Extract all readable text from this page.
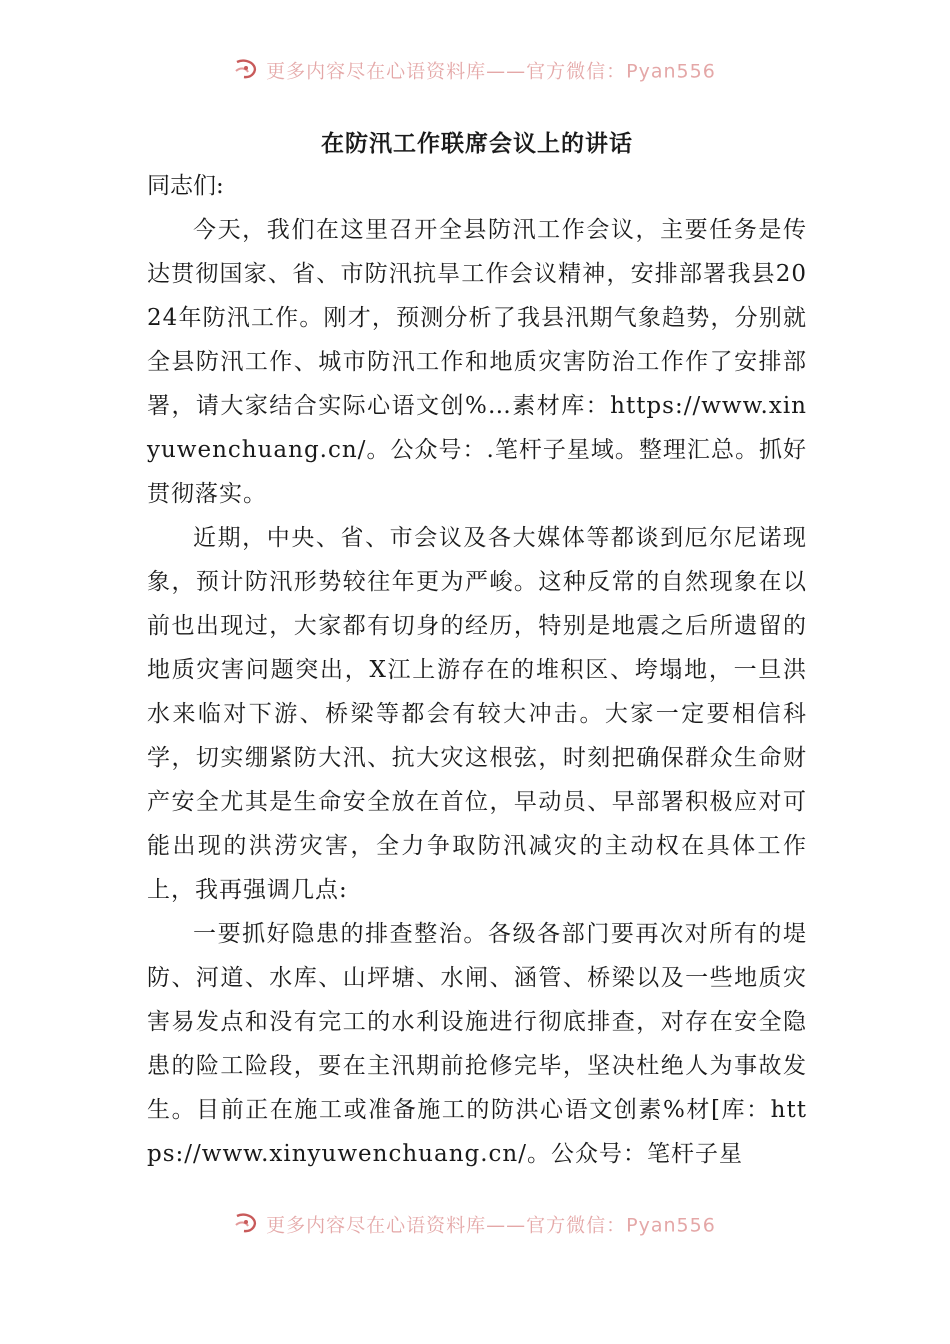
更多内容尽在心语资料库——官方微信：Pyan556
在防汛工作联席会议上的讲话

同志们:

今天，我们在这里召开全县防汛工作会议，主要任务是传达贯彻国家、省、市防汛抗旱工作会议精神，安排部署我县2024年防汛工作。刚才，预测分析了我县汛期气象趋势，分别就全县防汛工作、城市防汛工作和地质灾害防治工作作了安排部署，请大家结合实际心语文创%…素材库：https://www.xinyuwenchuang.cn/。公众号：.笔杆子星域。整理汇总。抓好贯彻落实。

近期，中央、省、市会议及各大媒体等都谈到厄尔尼诺现象，预计防汛形势较往年更为严峻。这种反常的自然现象在以前也出现过，大家都有切身的经历，特别是地震之后所遗留的地质灾害问题突出，X江上游存在的堆积区、垮塌地，一旦洪水来临对下游、桥梁等都会有较大冲击。大家一定要相信科学，切实绷紧防大汛、抗大灾这根弦，时刻把确保群众生命财产安全尤其是生命安全放在首位，早动员、早部署积极应对可能出现的洪涝灾害，全力争取防汛减灾的主动权在具体工作上，我再强调几点:

一要抓好隐患的排查整治。各级各部门要再次对所有的堤防、河道、水库、山坪塘、水闸、涵管、桥梁以及一些地质灾害易发点和没有完工的水利设施进行彻底排查，对存在安全隐患的险工险段，要在主汛期前抢修完毕，坚决杜绝人为事故发生。目前正在施工或准备施工的防洪心语文创素%材[库：https://www.xinyuwenchuang.cn/。公众号：笔杆子星

更多内容尽在心语资料库——官方微信：Pyan556
